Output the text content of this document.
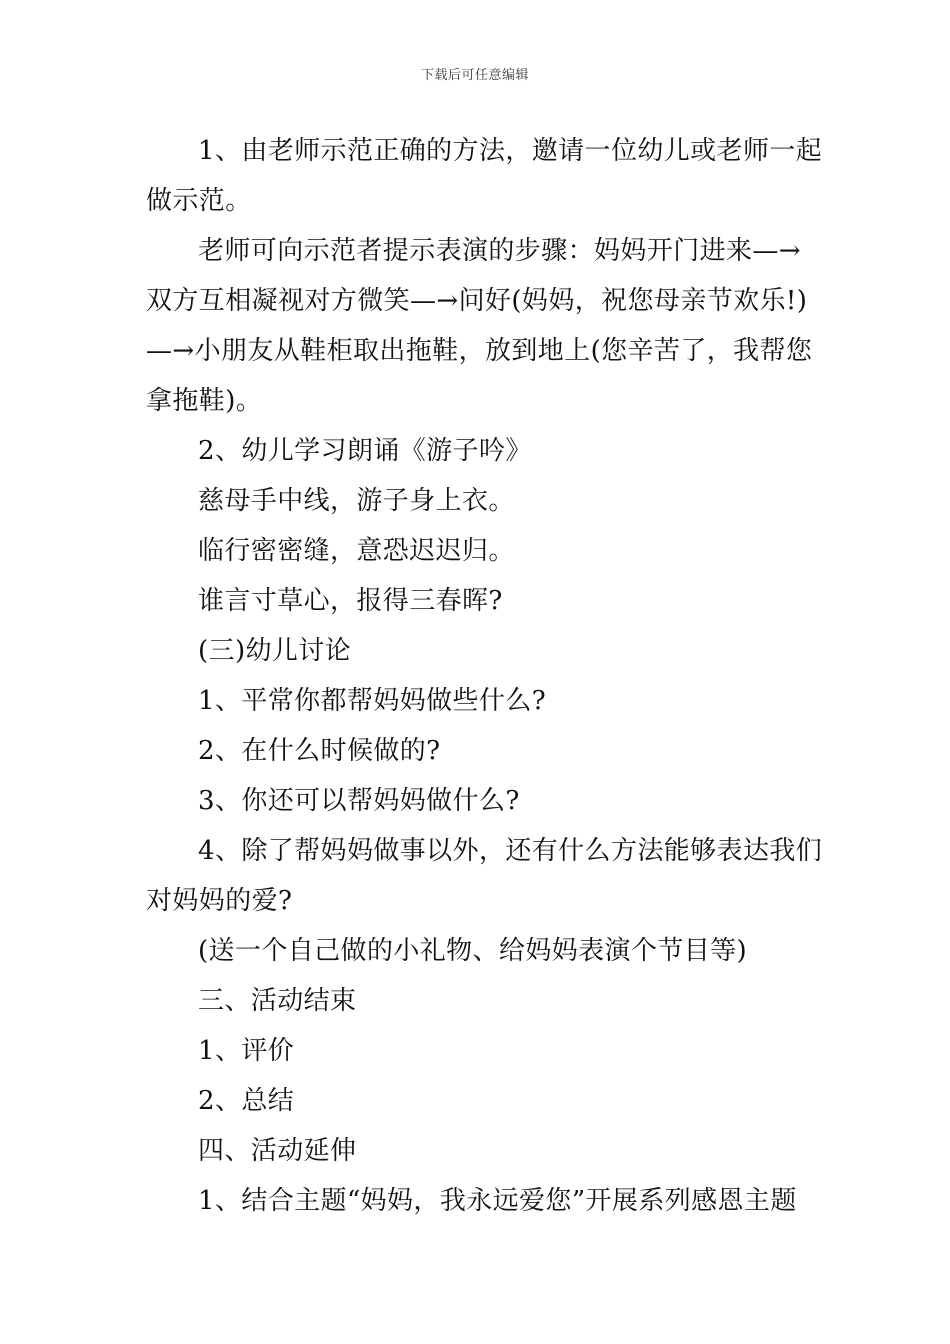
下载后可任意编辑

1、由老师示范正确的方法，邀请一位幼儿或老师一起

做示范。

老师可向示范者提示表演的步骤：妈妈开门进来—→

双方互相凝视对方微笑—→问好(妈妈，祝您母亲节欢乐!)

—→小朋友从鞋柜取出拖鞋，放到地上(您辛苦了，我帮您

拿拖鞋)。

2、幼儿学习朗诵《游子吟》

慈母手中线，游子身上衣。

临行密密缝，意恐迟迟归。

谁言寸草心，报得三春晖?

(三)幼儿讨论

1、平常你都帮妈妈做些什么?

2、在什么时候做的?

3、你还可以帮妈妈做什么?

4、除了帮妈妈做事以外，还有什么方法能够表达我们

对妈妈的爱?

(送一个自己做的小礼物、给妈妈表演个节目等)

三、活动结束

1、评价

2、总结

四、活动延伸

1、结合主题“妈妈，我永远爱您”开展系列感恩主题
